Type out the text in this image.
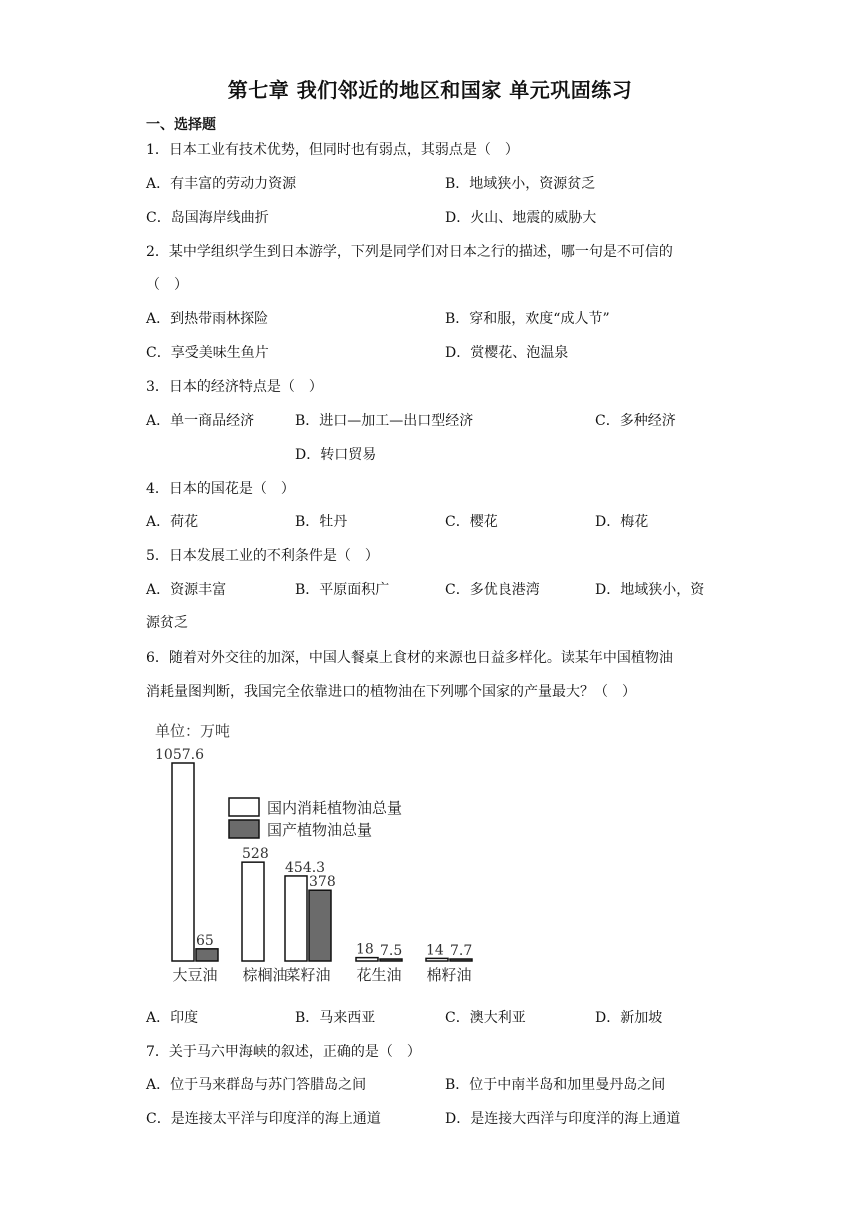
第七章 我们邻近的地区和国家 单元巩固练习
一、选择题
1．日本工业有技术优势，但同时也有弱点，其弱点是（　）
A．有丰富的劳动力资源	B．地域狭小，资源贫乏
C．岛国海岸线曲折	D．火山、地震的威胁大
2．某中学组织学生到日本游学，下列是同学们对日本之行的描述，哪一句是不可信的
（　）
A．到热带雨林探险	B．穿和服，欢度“成人节”
C．享受美味生鱼片	D．赏樱花、泡温泉
3．日本的经济特点是（　）
A．单一商品经济	B．进口—加工—出口型经济	C．多种经济
D．转口贸易
4．日本的国花是（　）
A．荷花	B．牡丹	C．樱花	D．梅花
5．日本发展工业的不利条件是（　）
A．资源丰富	B．平原面积广	C．多优良港湾	D．地域狭小，资
源贫乏
6．随着对外交往的加深，中国人餐桌上食材的来源也日益多样化。读某年中国植物油
消耗量图判断，我国完全依靠进口的植物油在下列哪个国家的产量最大？（　）
单位：万吨
1057.6
65
大豆油
528
棕榈油
454.3
378
菜籽油
18 7.5
花生油
14 7.7
棉籽油
国内消耗植物油总量
国产植物油总量
A．印度	B．马来西亚	C．澳大利亚	D．新加坡
7．关于马六甲海峡的叙述，正确的是（　）
A．位于马来群岛与苏门答腊岛之间	B．位于中南半岛和加里曼丹岛之间
C．是连接太平洋与印度洋的海上通道	D．是连接大西洋与印度洋的海上通道
